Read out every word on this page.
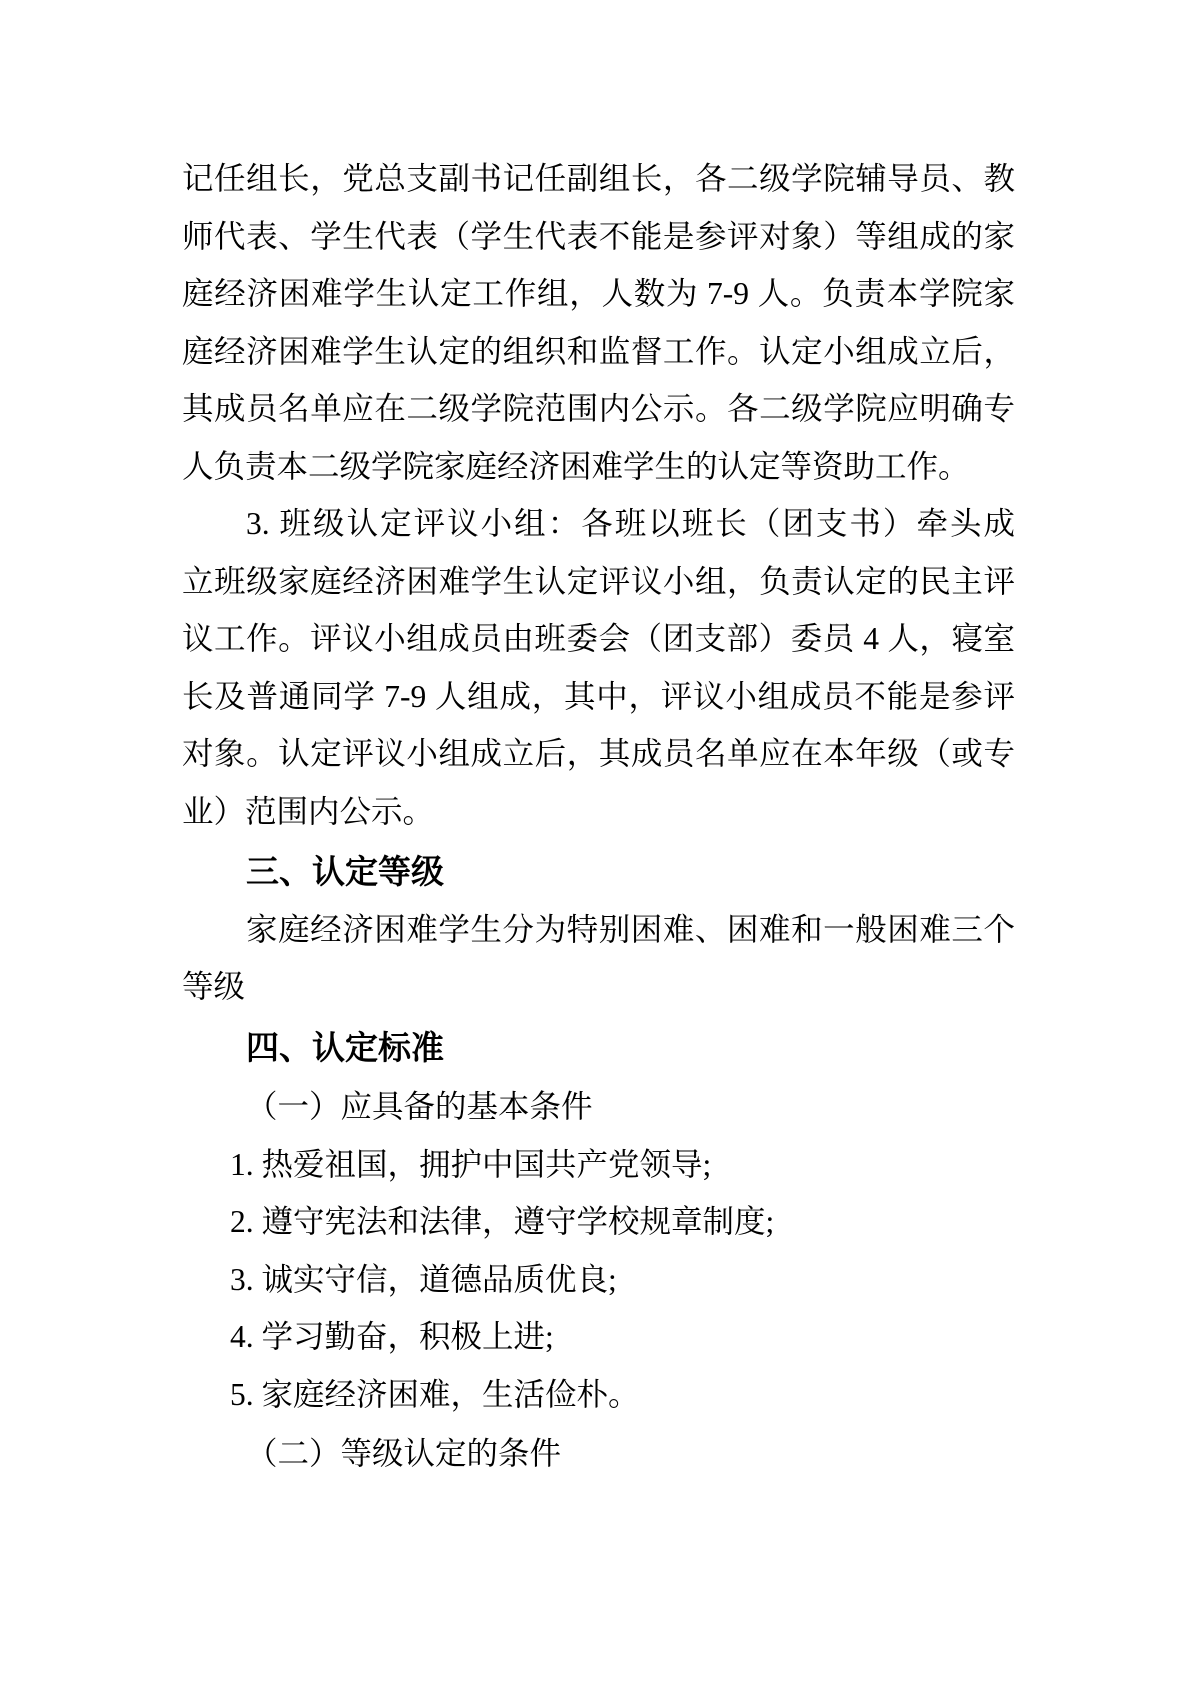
记任组长，党总支副书记任副组长，各二级学院辅导员、教
师代表、学生代表（学生代表不能是参评对象）等组成的家
庭经济困难学生认定工作组，人数为 7-9 人。负责本学院家
庭经济困难学生认定的组织和监督工作。认定小组成立后，
其成员名单应在二级学院范围内公示。各二级学院应明确专
人负责本二级学院家庭经济困难学生的认定等资助工作。
3. 班级认定评议小组：各班以班长（团支书）牵头成
立班级家庭经济困难学生认定评议小组，负责认定的民主评
议工作。评议小组成员由班委会（团支部）委员 4 人，寝室
长及普通同学 7-9 人组成，其中，评议小组成员不能是参评
对象。认定评议小组成立后，其成员名单应在本年级（或专
业）范围内公示。
三、认定等级
家庭经济困难学生分为特别困难、困难和一般困难三个
等级
四、认定标准
（一）应具备的基本条件
1. 热爱祖国，拥护中国共产党领导;
2. 遵守宪法和法律，遵守学校规章制度;
3. 诚实守信，道德品质优良;
4. 学习勤奋，积极上进;
5. 家庭经济困难，生活俭朴。
（二）等级认定的条件
